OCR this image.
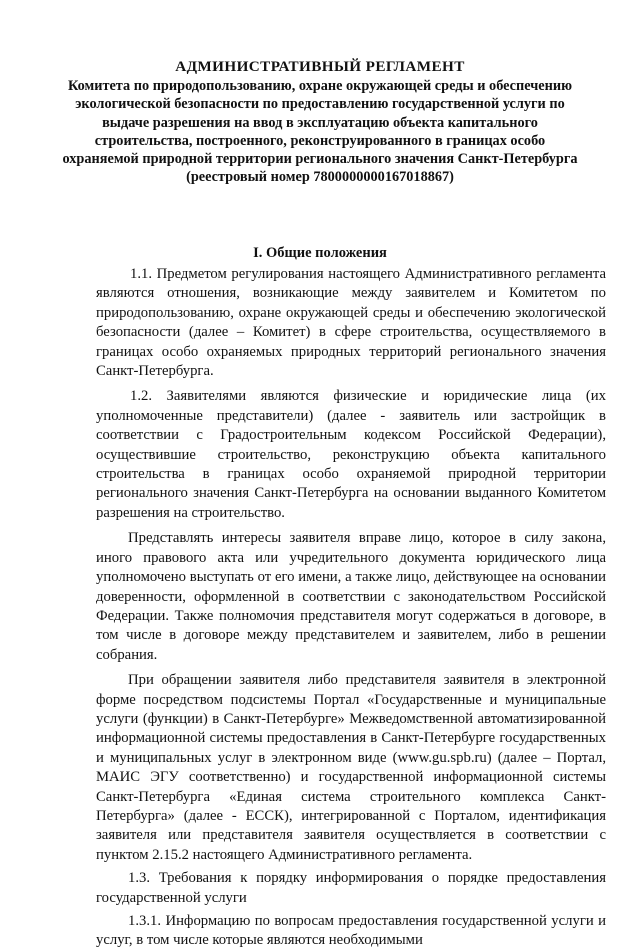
АДМИНИСТРАТИВНЫЙ РЕГЛАМЕНТ
Комитета по природопользованию, охране окружающей среды и обеспечению экологической безопасности по предоставлению государственной услуги по выдаче разрешения на ввод в эксплуатацию объекта капитального строительства, построенного, реконструированного в границах особо охраняемой природной территории регионального значения Санкт-Петербурга
(реестровый номер 7800000000167018867)
I. Общие положения

1.1. Предметом регулирования настоящего Административного регламента являются отношения, возникающие между заявителем и Комитетом по природопользованию, охране окружающей среды и обеспечению экологической безопасности (далее – Комитет) в сфере строительства, осуществляемого в границах особо охраняемых природных территорий регионального значения Санкт-Петербурга.

1.2. Заявителями являются физические и юридические лица (их уполномоченные представители) (далее - заявитель или застройщик в соответствии с Градостроительным кодексом Российской Федерации), осуществившие строительство, реконструкцию объекта капитального строительства в границах особо охраняемой природной территории регионального значения Санкт-Петербурга на основании выданного Комитетом разрешения на строительство.

Представлять интересы заявителя вправе лицо, которое в силу закона, иного правового акта или учредительного документа юридического лица уполномочено выступать от его имени, а также лицо, действующее на основании доверенности, оформленной в соответствии с законодательством Российской Федерации. Также полномочия представителя могут содержаться в договоре, в том числе в договоре между представителем и заявителем, либо в решении собрания.

При обращении заявителя либо представителя заявителя в электронной форме посредством подсистемы Портал «Государственные и муниципальные услуги (функции) в Санкт-Петербурге» Межведомственной автоматизированной информационной системы предоставления в Санкт-Петербурге государственных и муниципальных услуг в электронном виде (www.gu.spb.ru) (далее – Портал, МАИС ЭГУ соответственно) и государственной информационной системы Санкт-Петербурга «Единая система строительного комплекса Санкт-Петербурга» (далее - ЕССК), интегрированной с Порталом, идентификация заявителя или представителя заявителя осуществляется в соответствии с пунктом 2.15.2 настоящего Административного регламента.

1.3. Требования к порядку информирования о порядке предоставления государственной услуги

1.3.1. Информацию по вопросам предоставления государственной услуги и услуг, в том числе которые являются необходимыми
